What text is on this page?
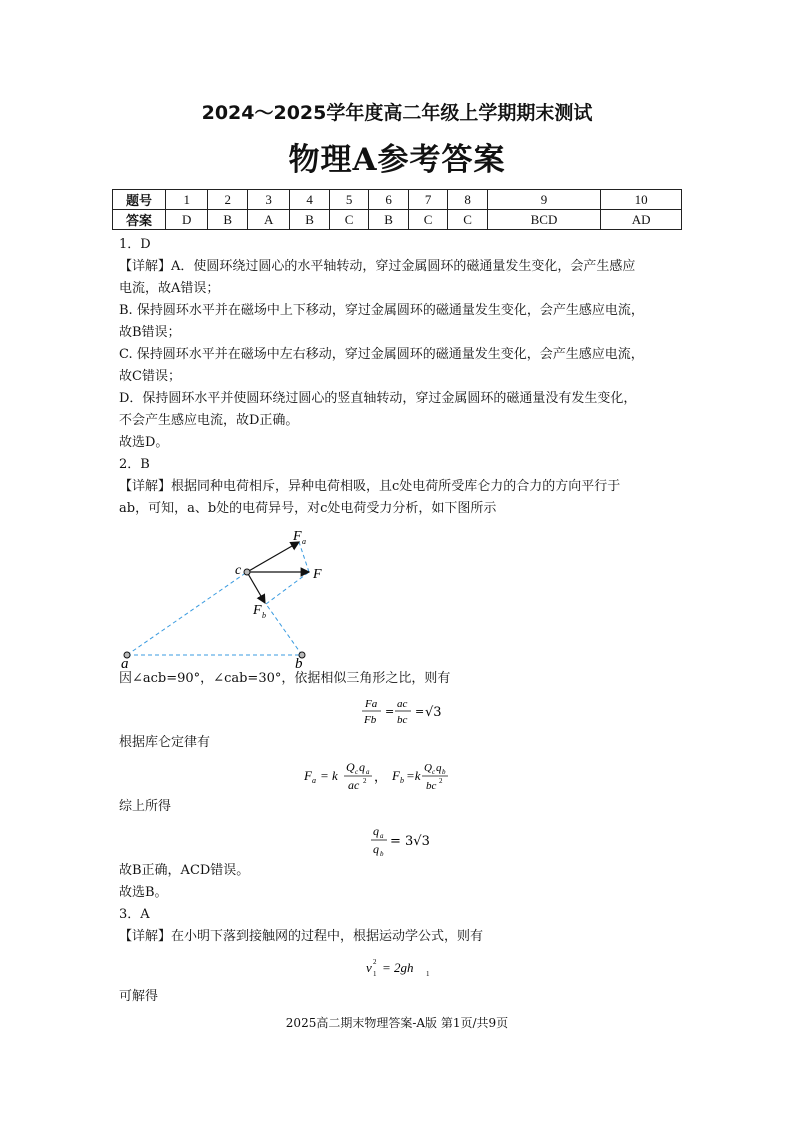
2024～2025学年度高二年级上学期期末测试
物理A参考答案
题号	1	2	3	4	5	6	7	8	9	10
答案	D	B	A	B	C	B	C	C	BCD	AD

1．D

【详解】A．使圆环绕过圆心的水平轴转动，穿过金属圆环的磁通量发生变化，会产生感应

电流，故A错误；

B. 保持圆环水平并在磁场中上下移动，穿过金属圆环的磁通量发生变化，会产生感应电流，

故B错误；

C. 保持圆环水平并在磁场中左右移动，穿过金属圆环的磁通量发生变化，会产生感应电流，

故C错误；

D．保持圆环水平并使圆环绕过圆心的竖直轴转动，穿过金属圆环的磁通量没有发生变化，

不会产生感应电流，故D正确。

故选D。

2．B

【详解】根据同种电荷相斥，异种电荷相吸，且c处电荷所受库仑力的合力的方向平行于

ab，可知，a、b处的电荷异号，对c处电荷受力分析，如下图所示

F a
F
F b
c
a	b

因∠acb=90°，∠cab=30°，依据相似三角形之比，则有

Fa
Fb
=
ac
bc
= √3

根据库仑定律有

F a = k
Q c q a
ac 2 ， F b =k Q c q b
bc 2

综上所得

q a
q b
= 3√3

故B正确，ACD错误。

故选B。

3．A

【详解】在小明下落到接触网的过程中，根据运动学公式，则有

v 1
2 = 2gh 1

可解得

2025高二期末物理答案-A版 第1页/共9页
